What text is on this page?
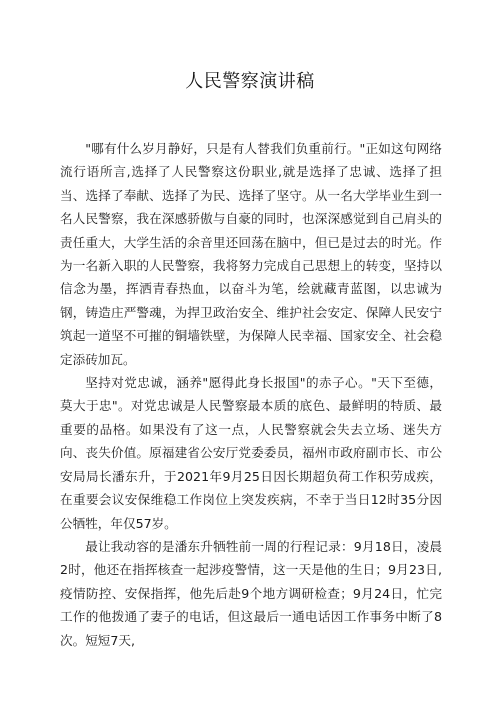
人民警察演讲稿

"哪有什么岁月静好，只是有人替我们负重前行。"正如这句网络流行语所言,选择了人民警察这份职业,就是选择了忠诚、选择了担当、选择了奉献、选择了为民、选择了坚守。从一名大学毕业生到一名人民警察，我在深感骄傲与自豪的同时，也深深感觉到自己肩头的责任重大，大学生活的余音里还回荡在脑中，但已是过去的时光。作为一名新入职的人民警察，我将努力完成自己思想上的转变，坚持以信念为墨，挥洒青春热血，以奋斗为笔，绘就藏青蓝图，以忠诚为钢，铸造庄严警魂，为捍卫政治安全、维护社会安定、保障人民安宁筑起一道坚不可摧的铜墙铁壁，为保障人民幸福、国家安全、社会稳定添砖加瓦。

坚持对党忠诚，涵养"愿得此身长报国"的赤子心。"天下至德，莫大于忠"。对党忠诚是人民警察最本质的底色、最鲜明的特质、最重要的品格。如果没有了这一点，人民警察就会失去立场、迷失方向、丧失价值。原福建省公安厅党委委员，福州市政府副市长、市公安局局长潘东升，于2021年9月25日因长期超负荷工作积劳成疾，在重要会议安保维稳工作岗位上突发疾病，不幸于当日12时35分因公牺牲，年仅57岁。

最让我动容的是潘东升牺牲前一周的行程记录：9月18日，凌晨2时，他还在指挥核查一起涉疫警情，这一天是他的生日；9月23日,疫情防控、安保指挥，他先后赴9个地方调研检查；9月24日，忙完工作的他拨通了妻子的电话，但这最后一通电话因工作事务中断了8次。短短7天,
